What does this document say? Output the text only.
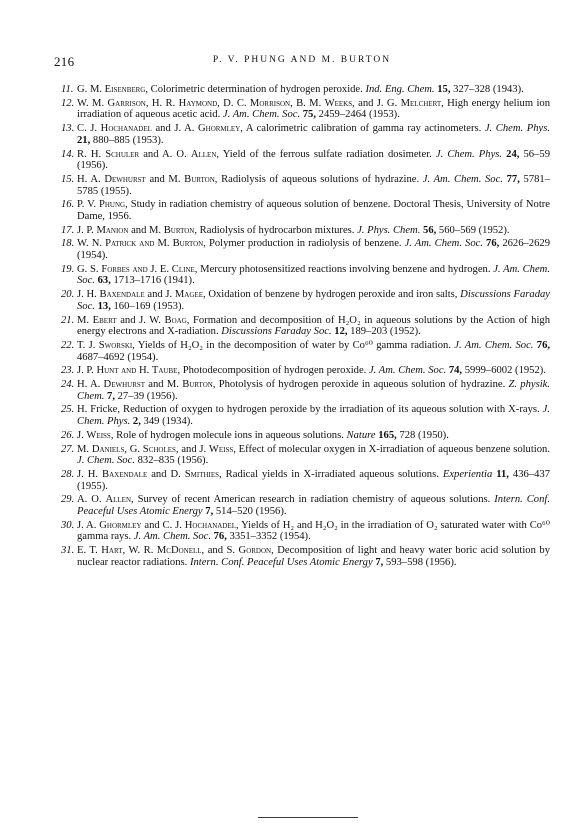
216	P. V. PHUNG AND M. BURTON
11. G. M. Eisenberg, Colorimetric determination of hydrogen peroxide. Ind. Eng. Chem. 15, 327–328 (1943).
12. W. M. Garrison, H. R. Haymond, D. C. Morrison, B. M. Weeks, and J. G. Melchert, High energy helium ion irradiation of aqueous acetic acid. J. Am. Chem. Soc. 75, 2459–2464 (1953).
13. C. J. Hochanadel and J. A. Ghormley, A calorimetric calibration of gamma ray actinometers. J. Chem. Phys. 21, 880–885 (1953).
14. R. H. Schuler and A. O. Allen, Yield of the ferrous sulfate radiation dosimeter. J. Chem. Phys. 24, 56–59 (1956).
15. H. A. Dewhurst and M. Burton, Radiolysis of aqueous solutions of hydrazine. J. Am. Chem. Soc. 77, 5781–5785 (1955).
16. P. V. Phung, Study in radiation chemistry of aqueous solution of benzene. Doctoral Thesis, University of Notre Dame, 1956.
17. J. P. Manion and M. Burton, Radiolysis of hydrocarbon mixtures. J. Phys. Chem. 56, 560–569 (1952).
18. W. N. Patrick and M. Burton, Polymer production in radiolysis of benzene. J. Am. Chem. Soc. 76, 2626–2629 (1954).
19. G. S. Forbes and J. E. Cline, Mercury photosensitized reactions involving benzene and hydrogen. J. Am. Chem. Soc. 63, 1713–1716 (1941).
20. J. H. Baxendale and J. Magee, Oxidation of benzene by hydrogen peroxide and iron salts, Discussions Faraday Soc. 13, 160–169 (1953).
21. M. Ebert and J. W. Boag, Formation and decomposition of H₂O₂ in aqueous solutions by the Action of high energy electrons and X-radiation. Discussions Faraday Soc. 12, 189–203 (1952).
22. T. J. Sworski, Yields of H₂O₂ in the decomposition of water by Co⁶⁰ gamma radiation. J. Am. Chem. Soc. 76, 4687–4692 (1954).
23. J. P. Hunt and H. Taube, Photodecomposition of hydrogen peroxide. J. Am. Chem. Soc. 74, 5999–6002 (1952).
24. H. A. Dewhurst and M. Burton, Photolysis of hydrogen peroxide in aqueous solution of hydrazine. Z. physik. Chem. 7, 27–39 (1956).
25. H. Fricke, Reduction of oxygen to hydrogen peroxide by the irradiation of its aqueous solution with X-rays. J. Chem. Phys. 2, 349 (1934).
26. J. Weiss, Role of hydrogen molecule ions in aqueous solutions. Nature 165, 728 (1950).
27. M. Daniels, G. Scholes, and J. Weiss, Effect of molecular oxygen in X-irradiation of aqueous benzene solution. J. Chem. Soc. 832–835 (1956).
28. J. H. Baxendale and D. Smithies, Radical yields in X-irradiated aqueous solutions. Experientia 11, 436–437 (1955).
29. A. O. Allen, Survey of recent American research in radiation chemistry of aqueous solutions. Intern. Conf. Peaceful Uses Atomic Energy 7, 514–520 (1956).
30. J. A. Ghormley and C. J. Hochanadel, Yields of H₂ and H₂O₂ in the irradiation of O₂ saturated water with Co⁶⁰ gamma rays. J. Am. Chem. Soc. 76, 3351–3352 (1954).
31. E. T. Hart, W. R. McDonell, and S. Gordon, Decomposition of light and heavy water boric acid solution by nuclear reactor radiations. Intern. Conf. Peaceful Uses Atomic Energy 7, 593–598 (1956).
